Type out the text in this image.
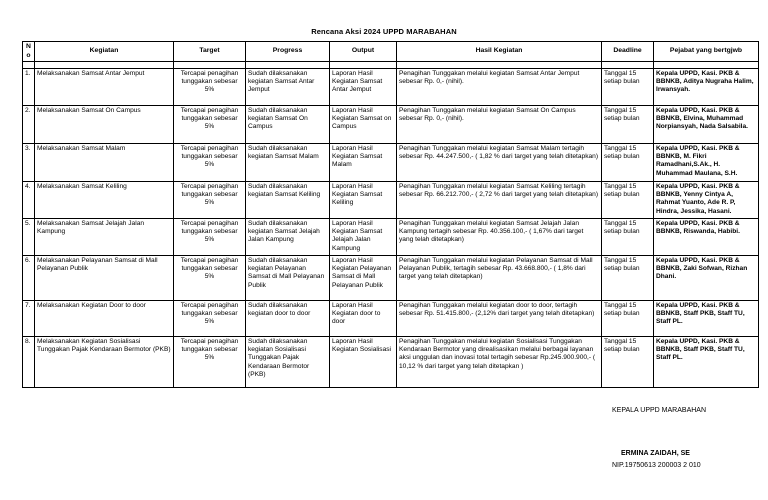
Rencana Aksi 2024 UPPD MARABAHAN
No	Kegiatan	Target	Progress	Output	Hasil Kegiatan	Deadline	Pejabat yang bertgjwb

1.	Melaksanakan Samsat Antar Jemput	Tercapai penagihan tunggakan sebesar 5%	Sudah dilaksanakan kegiatan Samsat Antar Jemput	Laporan Hasil Kegiatan Samsat Antar Jemput	Penagihan Tunggakan melalui kegiatan Samsat Antar Jemput sebesar Rp. 0,- (nihil).	Tanggal 15 setiap bulan	Kepala UPPD, Kasi. PKB & BBNKB, Aditya Nugraha Halim, Irwansyah.
2.	Melaksanakan Samsat On Campus	Tercapai penagihan tunggakan sebesar 5%	Sudah dilaksanakan kegiatan Samsat On Campus	Laporan Hasil Kegiatan Samsat on Campus	Penagihan Tunggakan melalui kegiatan Samsat On Campus sebesar Rp. 0,- (nihil).	Tanggal 15 setiap bulan	Kepala UPPD, Kasi. PKB & BBNKB, Elvina, Muhammad Norpiansyah, Nada Salsabila.
3.	Melaksanakan Samsat Malam	Tercapai penagihan tunggakan sebesar 5%	Sudah dilaksanakan kegiatan Samsat Malam	Laporan Hasil Kegiatan Samsat Malam	Penagihan Tunggakan melalui kegiatan Samsat Malam tertagih sebesar Rp. 44.247.500,- ( 1,82 % dari target yang telah ditetapkan)	Tanggal 15 setiap bulan	Kepala UPPD, Kasi. PKB & BBNKB, M. Fikri Ramadhani,S.Ak., H. Muhammad Maulana, S.H.
4.	Melaksanakan Samsat Keliling	Tercapai penagihan tunggakan sebesar 5%	Sudah dilaksanakan kegiatan Samsat Keliling	Laporan Hasil Kegiatan Samsat Keliling	Penagihan Tunggakan melalui kegiatan Samsat Keliling tertagih sebesar Rp. 66.212.700,- ( 2,72 % dari target yang telah ditetapkan)	Tanggal 15 setiap bulan	Kepala UPPD, Kasi. PKB & BBNKB, Yenny Cintya A, Rahmat Yuanto, Ade R. P, Hindra, Jessika, Hasani.
5.	Melaksanakan Samsat Jelajah Jalan Kampung	Tercapai penagihan tunggakan sebesar 5%	Sudah dilaksanakan kegiatan Samsat Jelajah Jalan Kampung	Laporan Hasil Kegiatan Samsat Jelajah Jalan Kampung	Penagihan Tunggakan melalui kegiatan Samsat Jelajah Jalan Kampung tertagih sebesar Rp. 40.356.100,- ( 1,67% dari target yang telah ditetapkan)	Tanggal 15 setiap bulan	Kepala UPPD, Kasi. PKB & BBNKB, Riswanda, Habibi.
6.	Melaksanakan Pelayanan Samsat di Mall Pelayanan Publik	Tercapai penagihan tunggakan sebesar 5%	Sudah dilaksanakan kegiatan Pelayanan Samsat di Mall Pelayanan Publik	Laporan Hasil Kegiatan Pelayanan Samsat di Mall Pelayanan Publik	Penagihan Tunggakan melalui kegiatan Pelayanan Samsat di Mall Pelayanan Publik, tertagih sebesar Rp. 43.668.800,- ( 1,8% dari target yang telah ditetapkan)	Tanggal 15 setiap bulan	Kepala UPPD, Kasi. PKB & BBNKB, Zaki Sofwan, Rizhan Dhani.
7.	Melaksanakan Kegiatan Door to door	Tercapai penagihan tunggakan sebesar 5%	Sudah dilaksanakan kegiatan door to door	Laporan Hasil Kegiatan door to door	Penagihan Tunggakan melalui kegiatan door to door, tertagih sebesar Rp. 51.415.800,- (2,12% dari target yang telah ditetapkan)	Tanggal 15 setiap bulan	Kepala UPPD, Kasi. PKB & BBNKB, Staff PKB, Staff TU, Staff PL.
8.	Melaksanakan Kegiatan Sosialisasi Tunggakan Pajak Kendaraan Bermotor (PKB)	Tercapai penagihan tunggakan sebesar 5%	Sudah dilaksanakan kegiatan Sosialisasi Tunggakan Pajak Kendaraan Bermotor (PKB)	Laporan Hasil Kegiatan Sosialisasi	Penagihan Tunggakan melalui kegiatan Sosialisasi Tunggakan Kendaraan Bermotor yang direalisasikan melalui berbagai layanan aksi unggulan dan inovasi total tertagih sebesar Rp.245.900.900,- ( 10,12 % dari target yang telah ditetapkan )	Tanggal 15 setiap bulan	Kepala UPPD, Kasi. PKB & BBNKB, Staff PKB, Staff TU, Staff PL.
KEPALA UPPD MARABAHAN
ERMINA ZAIDAH, SE
NIP.19750613 200003 2 010
